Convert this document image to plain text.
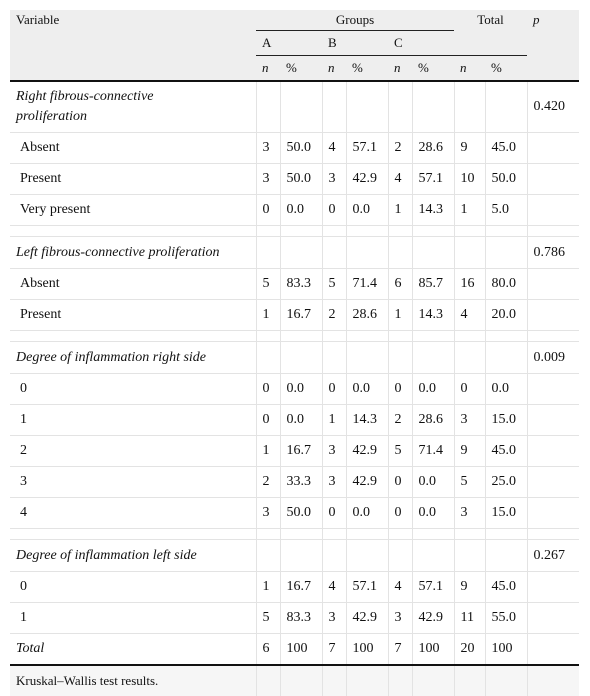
Variable	Groups						Total		p
	A		B		C				
	n	%	n	%	n	%	n	%	
Right fibrous-connective proliferation									0.420
Absent	3	50.0	4	57.1	2	28.6	9	45.0	
Present	3	50.0	3	42.9	4	57.1	10	50.0	
Very present	0	0.0	0	0.0	1	14.3	1	5.0	

Left fibrous-connective proliferation									0.786
Absent	5	83.3	5	71.4	6	85.7	16	80.0	
Present	1	16.7	2	28.6	1	14.3	4	20.0	

Degree of inflammation right side									0.009
0	0	0.0	0	0.0	0	0.0	0	0.0	
1	0	0.0	1	14.3	2	28.6	3	15.0	
2	1	16.7	3	42.9	5	71.4	9	45.0	
3	2	33.3	3	42.9	0	0.0	5	25.0	
4	3	50.0	0	0.0	0	0.0	3	15.0	

Degree of inflammation left side									0.267
0	1	16.7	4	57.1	4	57.1	9	45.0	
1	5	83.3	3	42.9	3	42.9	11	55.0	
Total	6	100	7	100	7	100	20	100	
Kruskal–Wallis test results.									
